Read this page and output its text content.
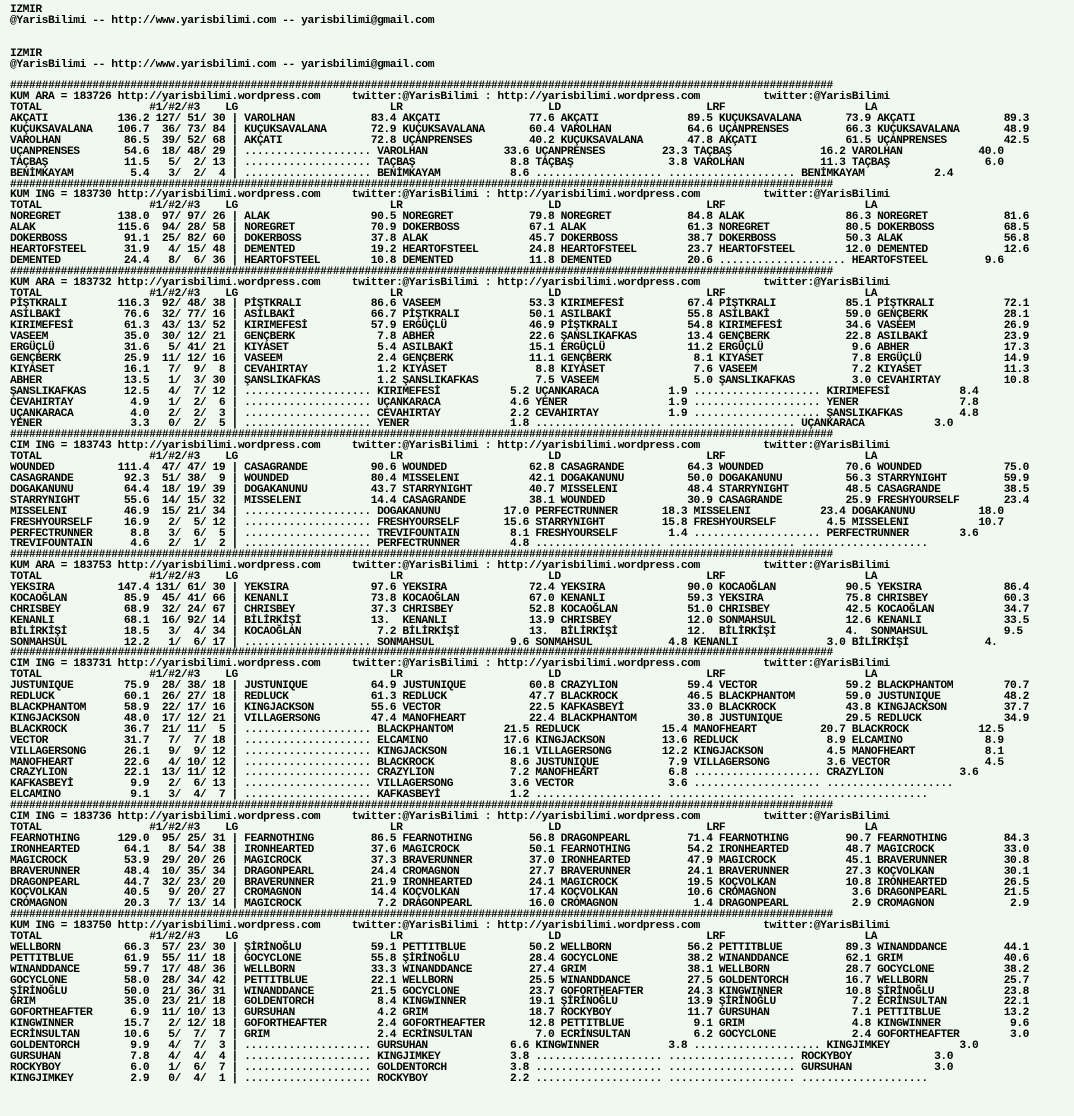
IZMIR
@YarisBilimi -- http://www.yarisbilimi.com -- yarisbilimi@gmail.com

IZMIR
@YarisBilimi -- http://www.yarisbilimi.com -- yarisbilimi@gmail.com

##################################################################################################################################
KUM ARA = 183726 http://yarisbilimi.wordpress.com     twitter:@YarisBilimi : http://yarisbilimi.wordpress.com          twitter:@YarisBilimi
TOTAL                 #1/#2/#3    LG                        LR                       LD                       LRF                      LA
AKÇATI           136.2 127/ 51/ 30 | VAROLHAN            83.4 AKÇATI              77.6 AKÇATI              89.5 KUÇUKSAVALANA       73.9 AKÇATI              89.3
KUÇUKSAVALANA    106.7  36/ 73/ 84 | KUÇUKSAVALANA       72.9 KUÇUKSAVALANA       60.4 VAROLHAN            64.6 UÇANPRENSES         66.3 KUÇUKSAVALANA       48.9
VAROLHAN          86.5  39/ 52/ 68 | AKÇATI              72.8 UÇANPRENSES         40.2 KUÇUKSAVALANA       47.8 AKÇATI              61.5 UÇANPRENSES         42.5
UÇANPRENSES       54.6  18/ 48/ 29 | .................... VAROLHAN            33.6 UÇANPRENSES         23.3 TAÇBAŞ              16.2 VAROLHAN            40.0
TAÇBAŞ            11.5   5/  2/ 13 | .................... TAÇBAŞ               8.8 TAÇBAŞ               3.8 VAROLHAN            11.3 TAÇBAŞ               6.0
BENİMKAYAM         5.4   3/  2/  4 | .................... BENİMKAYAM           8.6 .................... .................... BENİMKAYAM           2.4
##################################################################################################################################
KUM ING = 183730 http://yarisbilimi.wordpress.com     twitter:@YarisBilimi : http://yarisbilimi.wordpress.com          twitter:@YarisBilimi
TOTAL                 #1/#2/#3    LG                        LR                       LD                       LRF                      LA
NOREGRET         138.0  97/ 97/ 26 | ALAK                90.5 NOREGRET            79.8 NOREGRET            84.8 ALAK                86.3 NOREGRET            81.6
ALAK             115.6  94/ 28/ 58 | NOREGRET            70.9 DOKERBOSS           67.1 ALAK                61.3 NOREGRET            80.5 DOKERBOSS           68.5
DOKERBOSS         91.1  25/ 82/ 60 | DOKERBOSS           37.8 ALAK                45.7 DOKERBOSS           38.7 DOKERBOSS           50.3 ALAK                56.8
HEARTOFSTEEL      31.9   4/ 15/ 48 | DEMENTED            19.2 HEARTOFSTEEL        24.8 HEARTOFSTEEL        23.7 HEARTOFSTEEL        12.0 DEMENTED            12.6
DEMENTED          24.4   8/  6/ 36 | HEARTOFSTEEL        10.8 DEMENTED            11.8 DEMENTED            20.6 .................... HEARTOFSTEEL         9.6
##################################################################################################################################
KUM ARA = 183732 http://yarisbilimi.wordpress.com     twitter:@YarisBilimi : http://yarisbilimi.wordpress.com          twitter:@YarisBilimi
TOTAL                 #1/#2/#3    LG                        LR                       LD                       LRF                      LA
PİŞTKRALI        116.3  92/ 48/ 38 | PİŞTKRALI           86.6 VASEEM              53.3 KIRIMEFESİ          67.4 PİŞTKRALI           85.1 PİŞTKRALI           72.1
ASILBAKİ          76.6  32/ 77/ 16 | ASILBAKİ            66.7 PİŞTKRALI           50.1 ASILBAKİ            55.8 ASILBAKİ            59.0 GENÇBERK            28.1
KIRIMEFESİ        61.3  43/ 13/ 52 | KIRIMEFESİ          57.9 ERGÜÇLÜ             46.9 PİŞTKRALI           54.8 KIRIMEFESİ          34.6 VASEEM              26.9
VASEEM            35.0  30/ 12/ 21 | GENÇBERK             7.8 ABHER               22.6 ŞANSLIKAFKAS        13.4 GENÇBERK            22.8 ASILBAKİ            23.9
ERGÜÇLÜ           31.6   5/ 41/ 21 | KIYASET              5.4 ASILBAKİ            15.1 ERGÜÇLÜ             11.2 ERGÜÇLÜ              9.6 ABHER               17.3
GENÇBERK          25.9  11/ 12/ 16 | VASEEM               2.4 GENÇBERK            11.1 GENÇBERK             8.1 KIYASET              7.8 ERGÜÇLÜ             14.9
KIYASET           16.1   7/  9/  8 | CEVAHIRTAY           1.2 KIYASET              8.8 KIYASET              7.6 VASEEM               7.2 KIYASET             11.3
ABHER             13.5   1/  3/ 30 | ŞANSLIKAFKAS         1.2 ŞANSLIKAFKAS         7.5 VASEEM               5.0 ŞANSLIKAFKAS         3.0 CEVAHIRTAY          10.8
ŞANSLIKAFKAS      12.5   4/  7/ 12 | .................... KIRIMEFESİ           5.2 UÇANKARACA           1.9 .................... KIRIMEFESİ           8.4
CEVAHIRTAY         4.9   1/  2/  6 | .................... UÇANKARACA           4.6 YENER                1.9 .................... YENER                7.8
UÇANKARACA         4.0   2/  2/  3 | .................... CEVAHIRTAY           2.2 CEVAHIRTAY           1.9 .................... ŞANSLIKAFKAS         4.8
YENER              3.3   0/  2/  5 | .................... YENER                1.8 .................... .................... UÇANKARACA           3.0
##################################################################################################################################
CIM ING = 183743 http://yarisbilimi.wordpress.com     twitter:@YarisBilimi : http://yarisbilimi.wordpress.com          twitter:@YarisBilimi
TOTAL                 #1/#2/#3    LG                        LR                       LD                       LRF                      LA
WOUNDED          111.4  47/ 47/ 19 | CASAGRANDE          90.6 WOUNDED             62.8 CASAGRANDE          64.3 WOUNDED             70.6 WOUNDED             75.0
CASAGRANDE        92.3  51/ 38/  9 | WOUNDED             80.4 MISSELENI           42.1 DOGAKANUNU          50.0 DOGAKANUNU          56.3 STARRYNIGHT         59.9
DOGAKANUNU        64.4  18/ 19/ 39 | DOGAKANUNU          43.7 STARRYNIGHT         40.7 MISSELENI           48.4 STARRYNIGHT         48.5 CASAGRANDE          38.5
STARRYNIGHT       55.6  14/ 15/ 32 | MISSELENI           14.4 CASAGRANDE          38.1 WOUNDED             30.9 CASAGRANDE          25.9 FRESHYOURSELF       23.4
MISSELENI         46.9  15/ 21/ 34 | .................... DOGAKANUNU          17.0 PERFECTRUNNER       18.3 MISSELENI           23.4 DOGAKANUNU          18.0
FRESHYOURSELF     16.9   2/  5/ 12 | .................... FRESHYOURSELF       15.6 STARRYNIGHT         15.8 FRESHYOURSELF        4.5 MISSELENI           10.7
PERFECTRUNNER      8.8   3/  6/  5 | .................... TREVIFOUNTAIN        8.1 FRESHYOURSELF        1.4 .................... PERFECTRUNNER        3.6
TREVIFOUNTAIN      4.6   2/  1/  2 | .................... PERFECTRUNNER        4.8 .................... .................... ....................
##################################################################################################################################
KUM ARA = 183753 http://yarisbilimi.wordpress.com     twitter:@YarisBilimi : http://yarisbilimi.wordpress.com          twitter:@YarisBilimi
TOTAL                 #1/#2/#3    LG                        LR                       LD                       LRF                      LA
YEKSIRA          147.4 131/ 61/ 30 | YEKSIRA             97.6 YEKSIRA             72.4 YEKSIRA             90.0 KOCAOĞLAN           90.5 YEKSIRA             86.4
KOCAOĞLAN         85.9  45/ 41/ 66 | KENANLI             73.8 KOCAOĞLAN           67.0 KENANLI             59.3 YEKSIRA             75.8 CHRISBEY            60.3
CHRISBEY          68.9  32/ 24/ 67 | CHRISBEY            37.3 CHRISBEY            52.8 KOCAOĞLAN           51.0 CHRISBEY            42.5 KOCAOĞLAN           34.7
KENANLI           68.1  16/ 92/ 14 | BİLİRKİŞİ           13.  KENANLI             13.9 CHRISBEY            12.0 SONMAHSUL           12.6 KENANLI             33.5
BİLİRKİŞİ         18.5   3/  4/ 34 | KOCAOĞLAN            7.2 BİLİRKİŞİ           13.  BİLİRKİŞİ           12.  BİLİRKİŞİ           4.  SONMAHSUL            9.5
SONMAHSUL         12.2   1/  6/ 17 | .................... SONMAHSUL            9.6 SONMAHSUL            4.8 KENANLI              3.0 BİLİRKİŞİ            4.
##################################################################################################################################
CIM ING = 183731 http://yarisbilimi.wordpress.com     twitter:@YarisBilimi : http://yarisbilimi.wordpress.com          twitter:@YarisBilimi
TOTAL                 #1/#2/#3    LG                        LR                       LD                       LRF                      LA
JUSTUNIQUE        75.9  28/ 38/ 18 | JUSTUNIQUE          64.9 JUSTUNIQUE          60.8 CRAZYLION           59.4 VECTOR              59.2 BLACKPHANTOM        70.7
REDLUCK           60.1  26/ 27/ 18 | REDLUCK             61.3 REDLUCK             47.7 BLACKROCK           46.5 BLACKPHANTOM        59.0 JUSTUNIQUE          48.2
BLACKPHANTOM      58.9  22/ 17/ 16 | KINGJACKSON         55.6 VECTOR              22.5 KAFKASBEYİ          33.0 BLACKROCK           43.8 KINGJACKSON         37.7
KINGJACKSON       48.0  17/ 12/ 21 | VILLAGERSONG        47.4 MANOFHEART          22.4 BLACKPHANTOM        30.8 JUSTUNIQUE          29.5 REDLUCK             34.9
BLACKROCK         36.7  21/ 11/  5 | .................... BLACKPHANTOM        21.5 REDLUCK             15.4 MANOFHEART          20.7 BLACKROCK           12.5
VECTOR            31.7   7/  7/ 18 | .................... ELCAMINO            17.6 KINGJACKSON         13.6 REDLUCK              8.9 ELCAMINO             8.9
VILLAGERSONG      26.1   9/  9/ 12 | .................... KINGJACKSON         16.1 VILLAGERSONG        12.2 KINGJACKSON          4.5 MANOFHEART           8.1
MANOFHEART        22.6   4/ 10/ 12 | .................... BLACKROCK            8.6 JUSTUNIQUE           7.9 VILLAGERSONG         3.6 VECTOR               4.5
CRAZYLION         22.1  13/ 11/ 12 | .................... CRAZYLION            7.2 MANOFHEART           6.8 .................... CRAZYLION            3.6
KAFKASBEYİ         9.9   2/  6/ 13 | .................... VILLAGERSONG         3.6 VECTOR               3.6 .................... ....................
ELCAMINO           9.1   3/  4/  7 | .................... KAFKASBEYİ           1.2 .................... .................... ....................
##################################################################################################################################
CIM ING = 183736 http://yarisbilimi.wordpress.com     twitter:@YarisBilimi : http://yarisbilimi.wordpress.com          twitter:@YarisBilimi
TOTAL                 #1/#2/#3    LG                        LR                       LD                       LRF                      LA
FEARNOTHING      129.0  95/ 25/ 31 | FEARNOTHING         86.5 FEARNOTHING         56.8 DRAGONPEARL         71.4 FEARNOTHING         90.7 FEARNOTHING         84.3
IRONHEARTED       64.1   8/ 54/ 38 | IRONHEARTED         37.6 MAGICROCK           50.1 FEARNOTHING         54.2 IRONHEARTED         48.7 MAGICROCK           33.0
MAGICROCK         53.9  29/ 20/ 26 | MAGICROCK           37.3 BRAVERUNNER         37.0 IRONHEARTED         47.9 MAGICROCK           45.1 BRAVERUNNER         30.8
BRAVERUNNER       48.4  10/ 35/ 34 | DRAGONPEARL         24.4 CROMAGNON           27.7 BRAVERUNNER         24.1 BRAVERUNNER         27.3 KOÇVOLKAN           30.1
DRAGONPEARL       44.7  32/ 23/ 20 | BRAVERUNNER         21.9 IRONHEARTED         24.1 MAGICROCK           19.5 KOÇVOLKAN           10.8 IRONHEARTED         26.5
KOÇVOLKAN         40.5   9/ 20/ 27 | CROMAGNON           14.4 KOÇVOLKAN           17.4 KOÇVOLKAN           10.6 CROMAGNON            3.6 DRAGONPEARL         21.5
CROMAGNON         20.3   7/ 13/ 14 | MAGICROCK            7.2 DRAGONPEARL         16.0 CROMAGNON            1.4 DRAGONPEARL          2.9 CROMAGNON            2.9
##################################################################################################################################
KUM ING = 183750 http://yarisbilimi.wordpress.com     twitter:@YarisBilimi : http://yarisbilimi.wordpress.com          twitter:@YarisBilimi
TOTAL                 #1/#2/#3    LG                        LR                       LD                       LRF                      LA
WELLBORN          66.3  57/ 23/ 30 | ŞİRİNOĞLU           59.1 PETTITBLUE          50.2 WELLBORN            56.2 PETTITBLUE          89.3 WINANDDANCE         44.1
PETTITBLUE        61.9  55/ 11/ 18 | GOCYCLONE           55.8 ŞİRİNOĞLU           28.4 GOCYCLONE           38.2 WINANDDANCE         62.1 GRIM                40.6
WINANDDANCE       59.7  17/ 48/ 36 | WELLBORN            33.3 WINANDDANCE         27.4 GRIM                38.1 WELLBORN            28.7 GOCYCLONE           38.2
GOCYCLONE         58.0  28/ 34/ 42 | PETTITBLUE          22.1 WELLBORN            25.5 WINANDDANCE         27.5 GOLDENTORCH         16.7 WELLBORN            25.7
ŞİRİNOĞLU         50.0  21/ 36/ 31 | WINANDDANCE         21.5 GOCYCLONE           23.7 GOFORTHEAFTER       24.3 KINGWINNER          10.8 ŞİRİNOĞLU           23.8
GRIM              35.0  23/ 21/ 18 | GOLDENTORCH          8.4 KINGWINNER          19.1 ŞİRİNOĞLU           13.9 ŞİRİNOĞLU            7.2 ECRİNSULTAN         22.1
GOFORTHEAFTER      6.9  11/ 10/ 13 | GURSUHAN             4.2 GRIM                18.7 ROCKYBOY            11.7 GURSUHAN             7.1 PETTITBLUE          13.2
KINGWINNER        15.7   2/ 12/ 18 | GOFORTHEAFTER        2.4 GOFORTHEAFTER       12.8 PETTITBLUE           9.1 GRIM                 4.8 KINGWINNER           9.6
ECRİNSULTAN       10.6   5/  7/  7 | GRIM                 2.4 ECRİNSULTAN          7.0 ECRİNSULTAN          6.2 GOCYCLONE            2.4 GOFORTHEAFTER        3.0
GOLDENTORCH        9.9   4/  7/  3 | .................... GURSUHAN             6.6 KINGWINNER           3.8 .................... KINGJIMKEY           3.0
GURSUHAN           7.8   4/  4/  4 | .................... KINGJIMKEY           3.8 .................... .................... ROCKYBOY             3.0
ROCKYBOY           6.0   1/  6/  7 | .................... GOLDENTORCH          3.8 .................... .................... GURSUHAN             3.0
KINGJIMKEY         2.9   0/  4/  1 | .................... ROCKYBOY             2.2 .................... .................... ....................
